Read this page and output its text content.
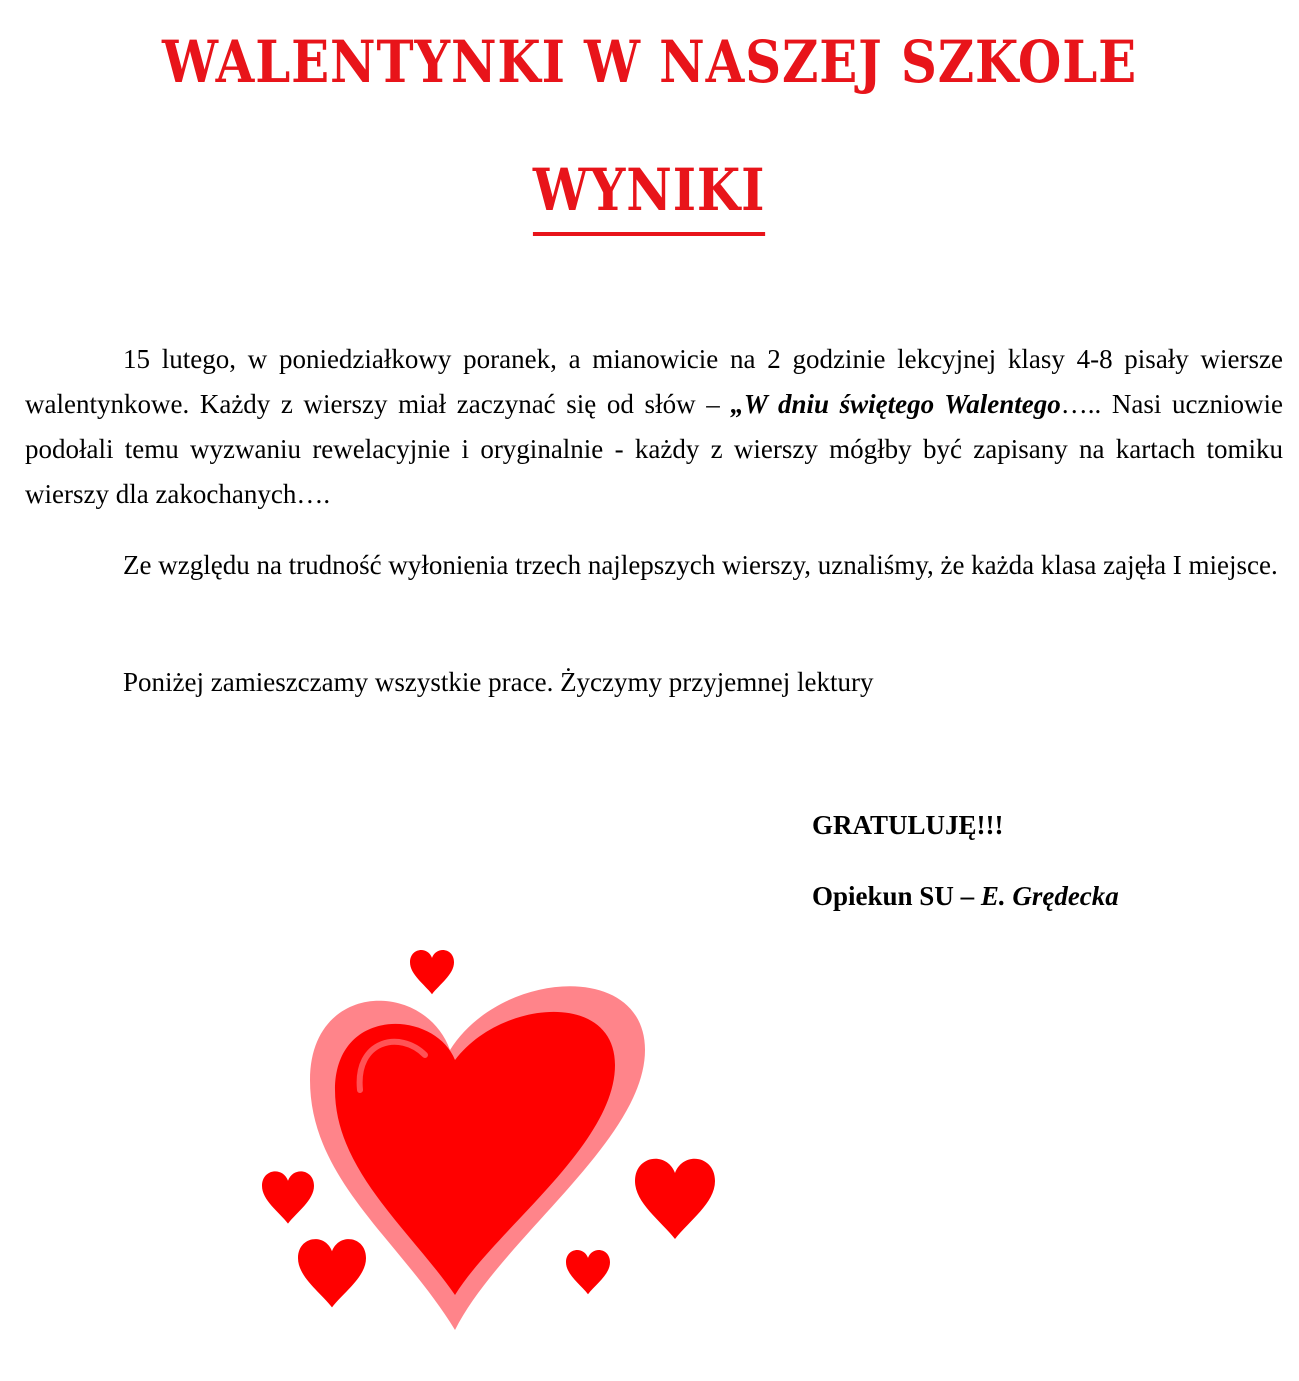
WALENTYNKI W NASZEJ SZKOLE
WYNIKI

15 lutego, w poniedziałkowy poranek, a mianowicie na 2 godzinie lekcyjnej klasy 4-8 pisały wiersze walentynkowe. Każdy z wierszy miał zaczynać się od słów – „W dniu świętego Walentego….. Nasi uczniowie podołali temu wyzwaniu rewelacyjnie i oryginalnie - każdy z wierszy mógłby być zapisany na kartach tomiku wierszy dla zakochanych….

Ze względu na trudność wyłonienia trzech najlepszych wierszy, uznaliśmy, że każda klasa zajęła I miejsce.

Poniżej zamieszczamy wszystkie prace. Życzymy przyjemnej lektury

GRATULUJĘ!!!

Opiekun SU – E. Grędecka
